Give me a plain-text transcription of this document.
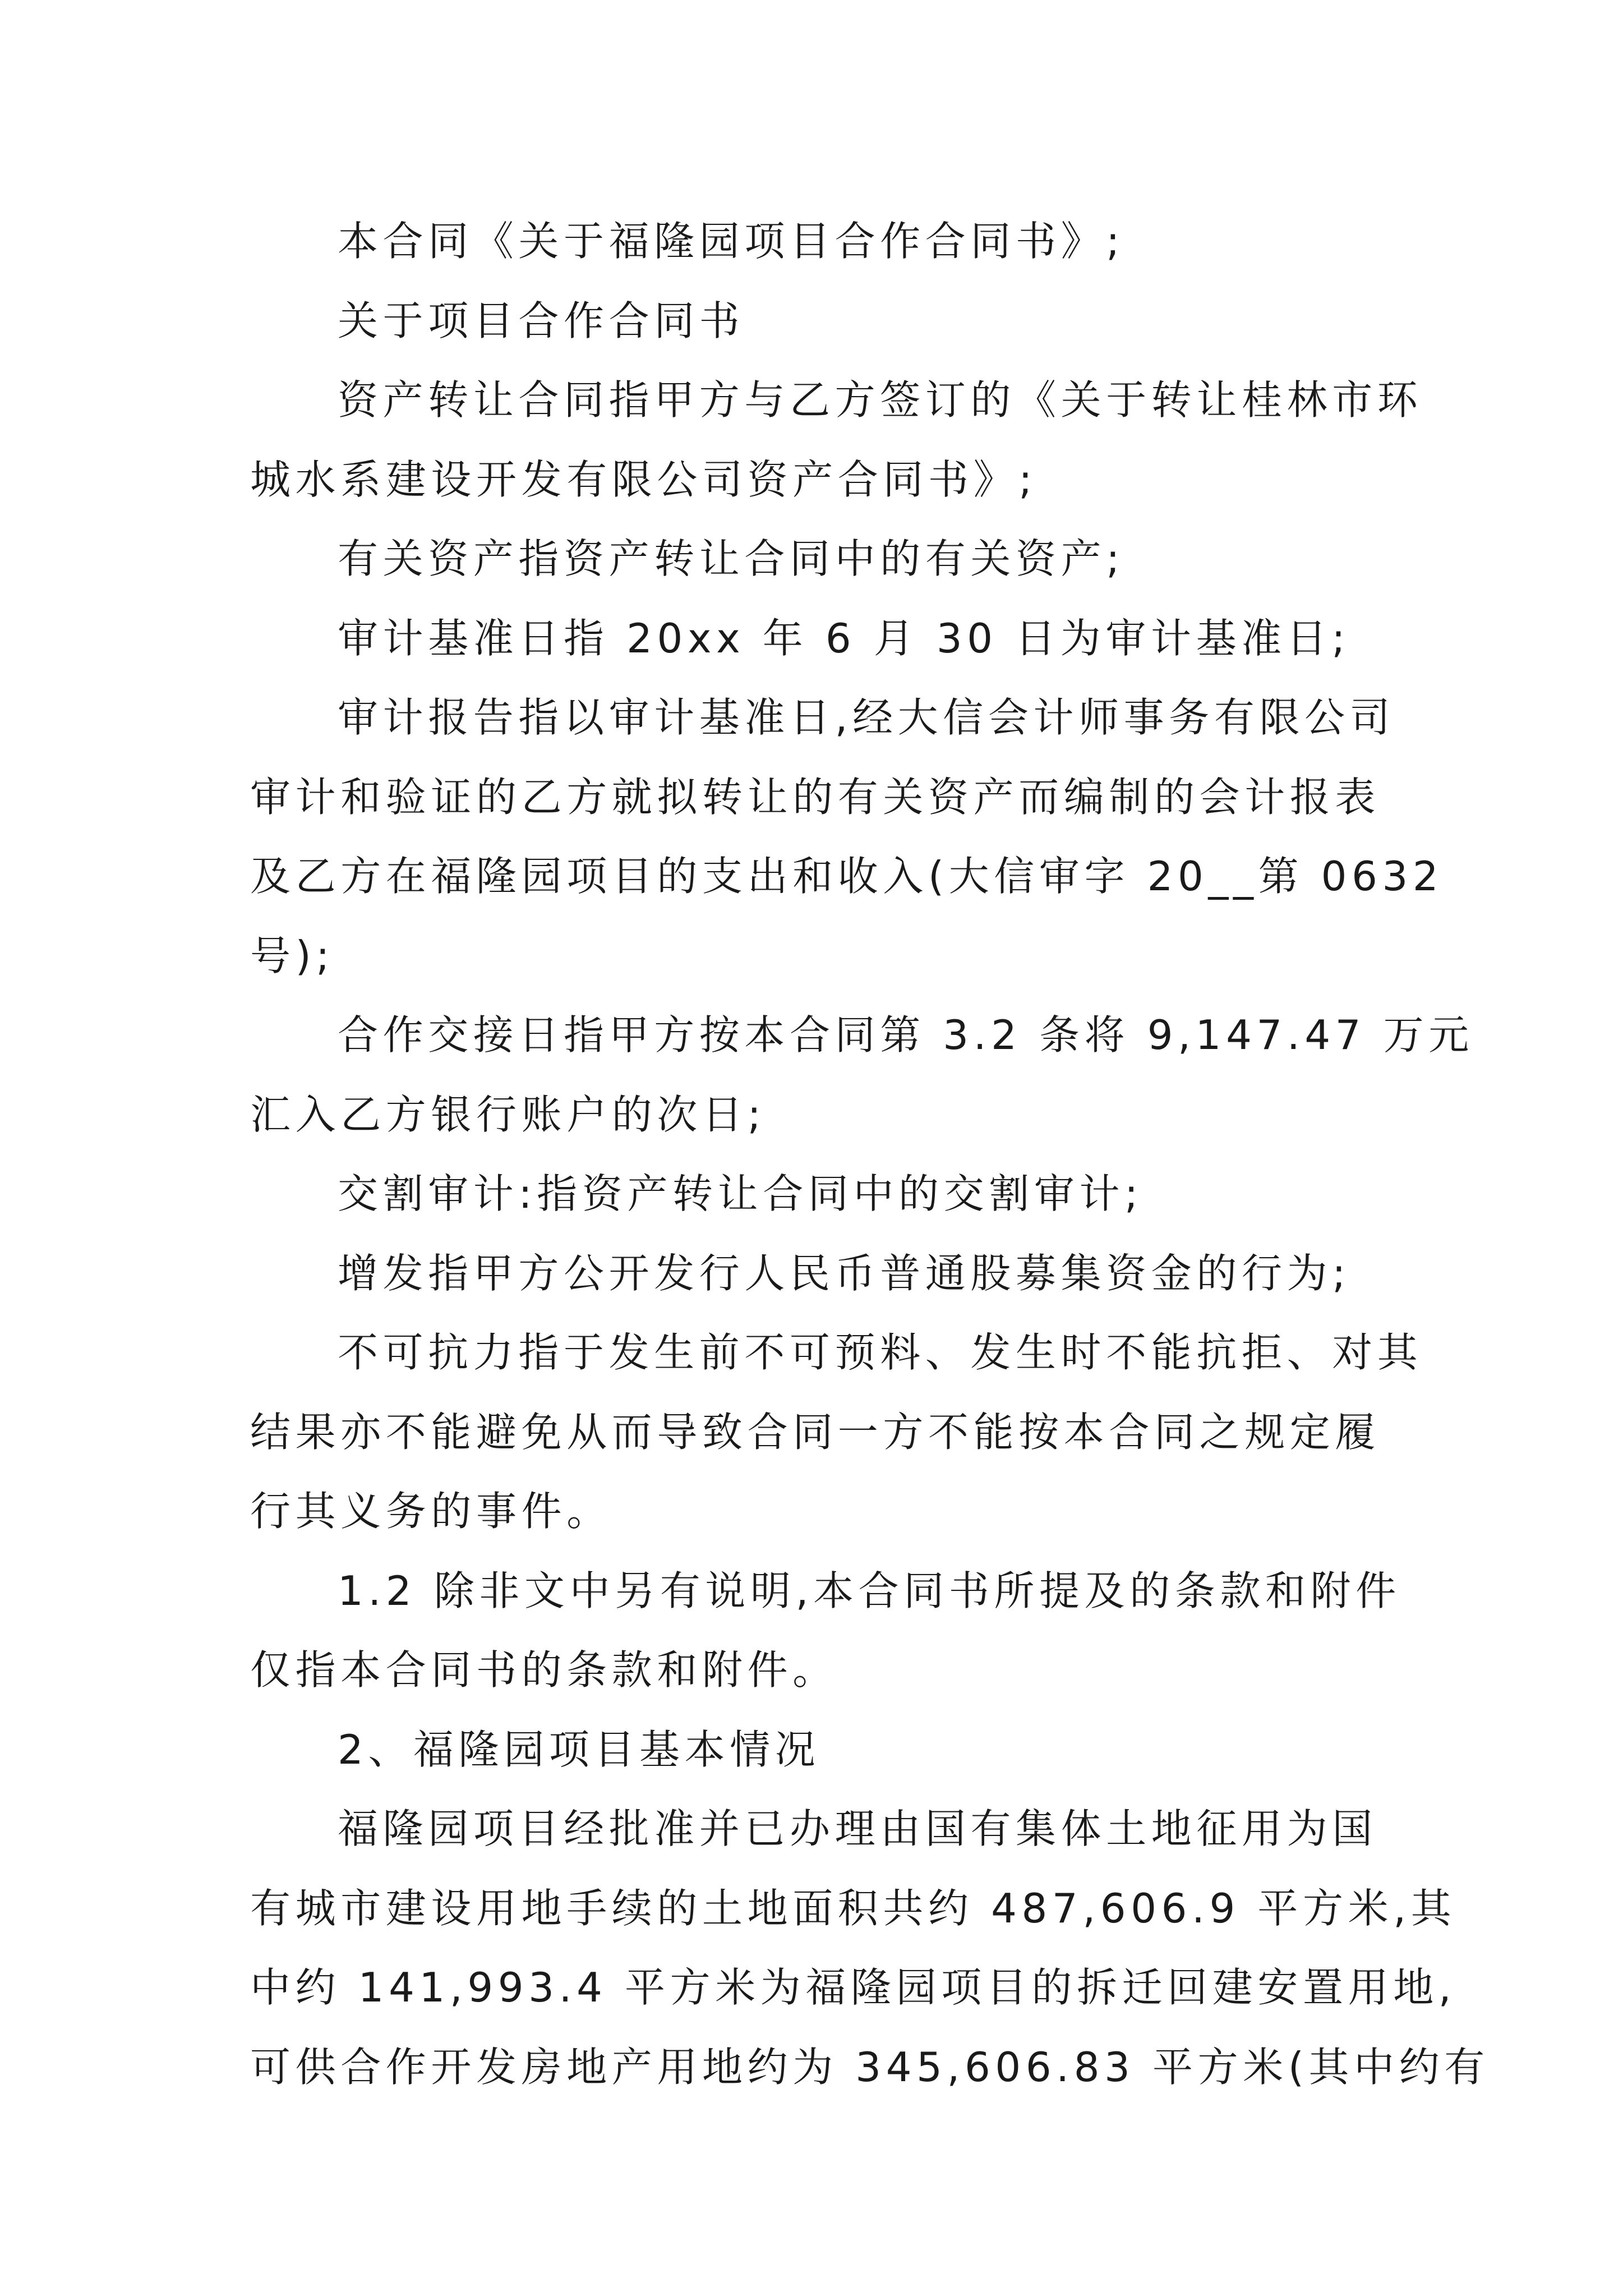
本合同《关于福隆园项目合作合同书》;
关于项目合作合同书
资产转让合同指甲方与乙方签订的《关于转让桂林市环
城水系建设开发有限公司资产合同书》;
有关资产指资产转让合同中的有关资产;
审计基准日指 20xx 年 6 月 30 日为审计基准日;
审计报告指以审计基准日,经大信会计师事务有限公司
审计和验证的乙方就拟转让的有关资产而编制的会计报表
及乙方在福隆园项目的支出和收入(大信审字 20__第 0632
号);
合作交接日指甲方按本合同第 3.2 条将 9,147.47 万元
汇入乙方银行账户的次日;
交割审计:指资产转让合同中的交割审计;
增发指甲方公开发行人民币普通股募集资金的行为;
不可抗力指于发生前不可预料、发生时不能抗拒、对其
结果亦不能避免从而导致合同一方不能按本合同之规定履
行其义务的事件。
1.2 除非文中另有说明,本合同书所提及的条款和附件
仅指本合同书的条款和附件。
2、福隆园项目基本情况
福隆园项目经批准并已办理由国有集体土地征用为国
有城市建设用地手续的土地面积共约 487,606.9 平方米,其
中约 141,993.4 平方米为福隆园项目的拆迁回建安置用地,
可供合作开发房地产用地约为 345,606.83 平方米(其中约有
